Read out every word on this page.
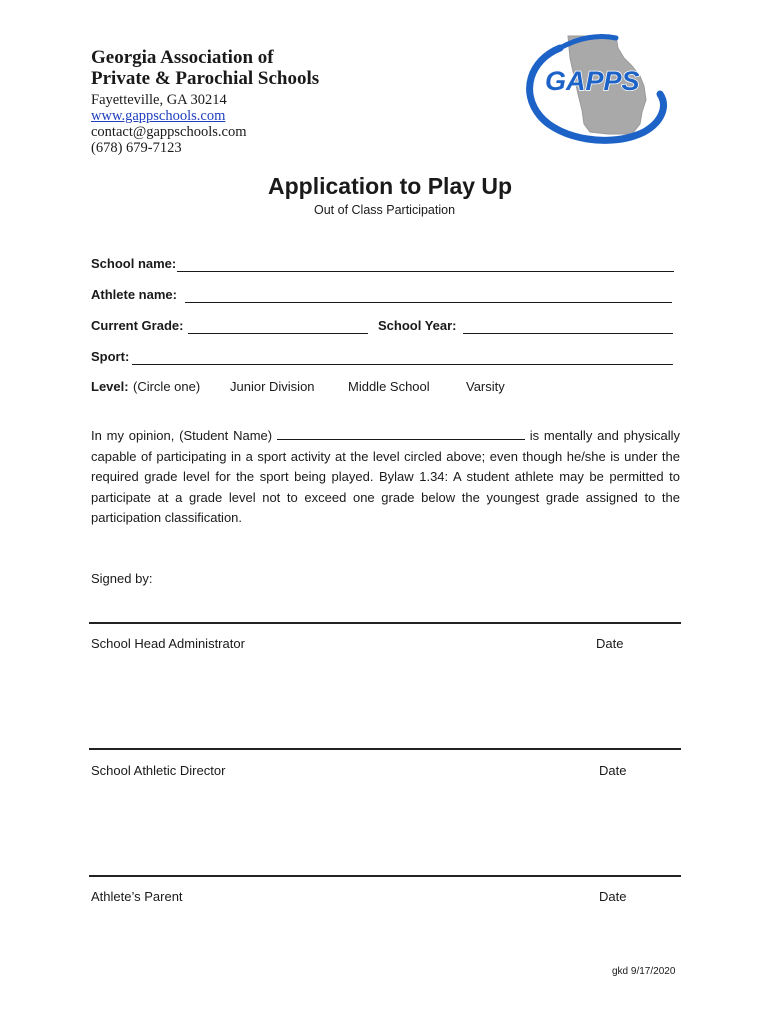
Georgia Association of
Private & Parochial Schools
Fayetteville, GA 30214
www.gappschools.com
contact@gappschools.com
(678) 679-7123
GAPPS
Application to Play Up
Out of Class Participation
School name:
Athlete name:
Current Grade:	School Year:
Sport:
Level: (Circle one) Junior Division	Middle School	Varsity
In my opinion, (Student Name)	is mentally and physically capable of participating in a sport activity at the level circled above; even though he/she is under the required grade level for the sport being played. Bylaw 1.34: A student athlete may be permitted to participate at a grade level not to exceed one grade below the youngest grade assigned to the participation classification.
Signed by:
School Head Administrator	Date
School Athletic Director	Date
Athlete’s Parent	Date
gkd 9/17/2020
